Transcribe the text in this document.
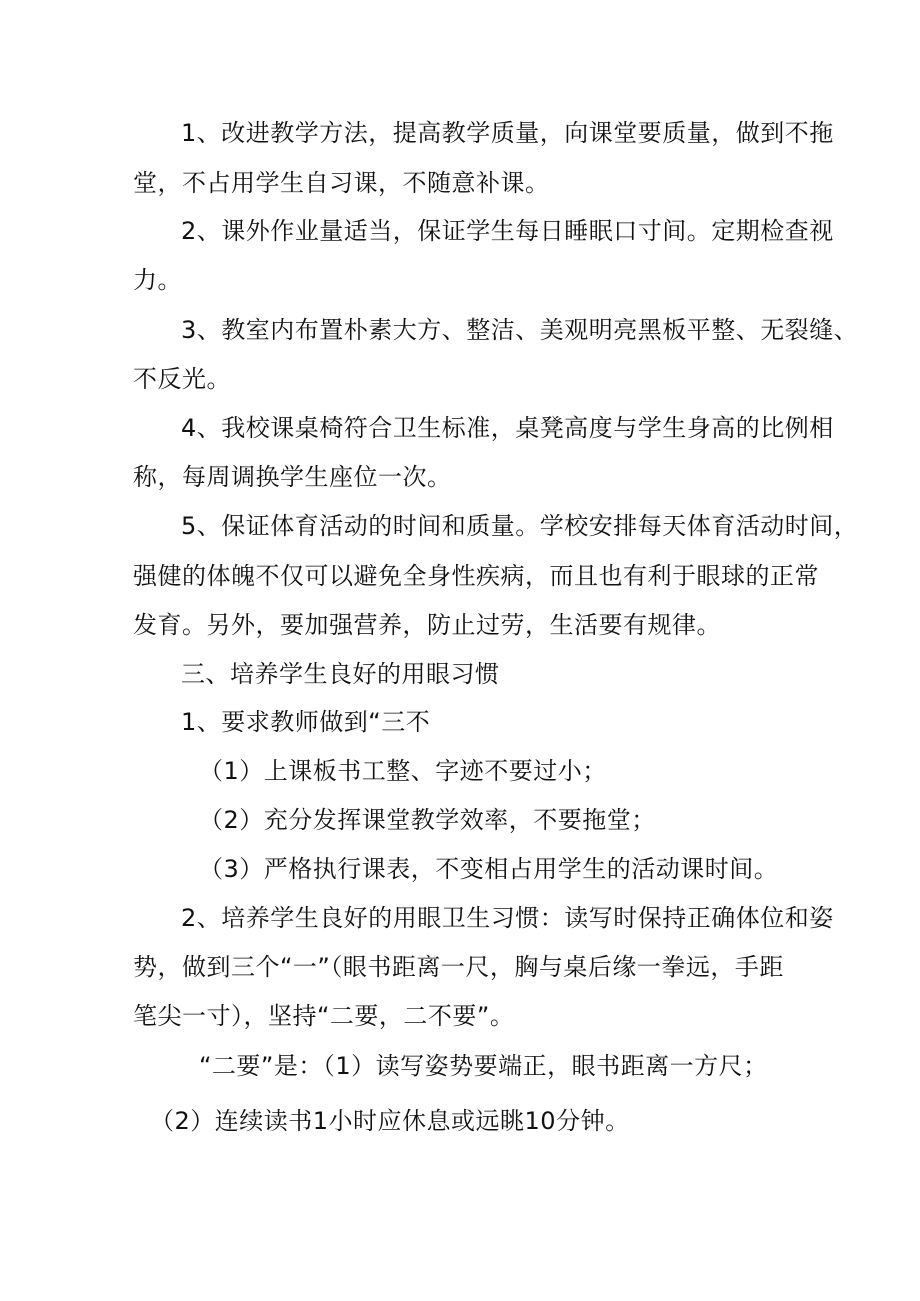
1、改进教学方法，提高教学质量，向课堂要质量，做到不拖
堂，不占用学生自习课，不随意补课。
2、课外作业量适当，保证学生每日睡眠口寸间。定期检查视
力。
3、教室内布置朴素大方、整洁、美观明亮黑板平整、无裂缝、
不反光。
4、我校课桌椅符合卫生标准，桌凳高度与学生身高的比例相
称，每周调换学生座位一次。
5、保证体育活动的时间和质量。学校安排每天体育活动时间，
强健的体魄不仅可以避免全身性疾病，而且也有利于眼球的正常
发育。另外，要加强营养，防止过劳，生活要有规律。
三、培养学生良好的用眼习惯
1、要求教师做到“三不
（1）上课板书工整、字迹不要过小；
（2）充分发挥课堂教学效率，不要拖堂；
（3）严格执行课表，不变相占用学生的活动课时间。
2、培养学生良好的用眼卫生习惯：读写时保持正确体位和姿
势，做到三个“一”（眼书距离一尺，胸与桌后缘一拳远，手距
笔尖一寸），坚持“二要，二不要”。
“二要”是：（1）读写姿势要端正，眼书距离一方尺；
（2）连续读书1小时应休息或远眺10分钟。
